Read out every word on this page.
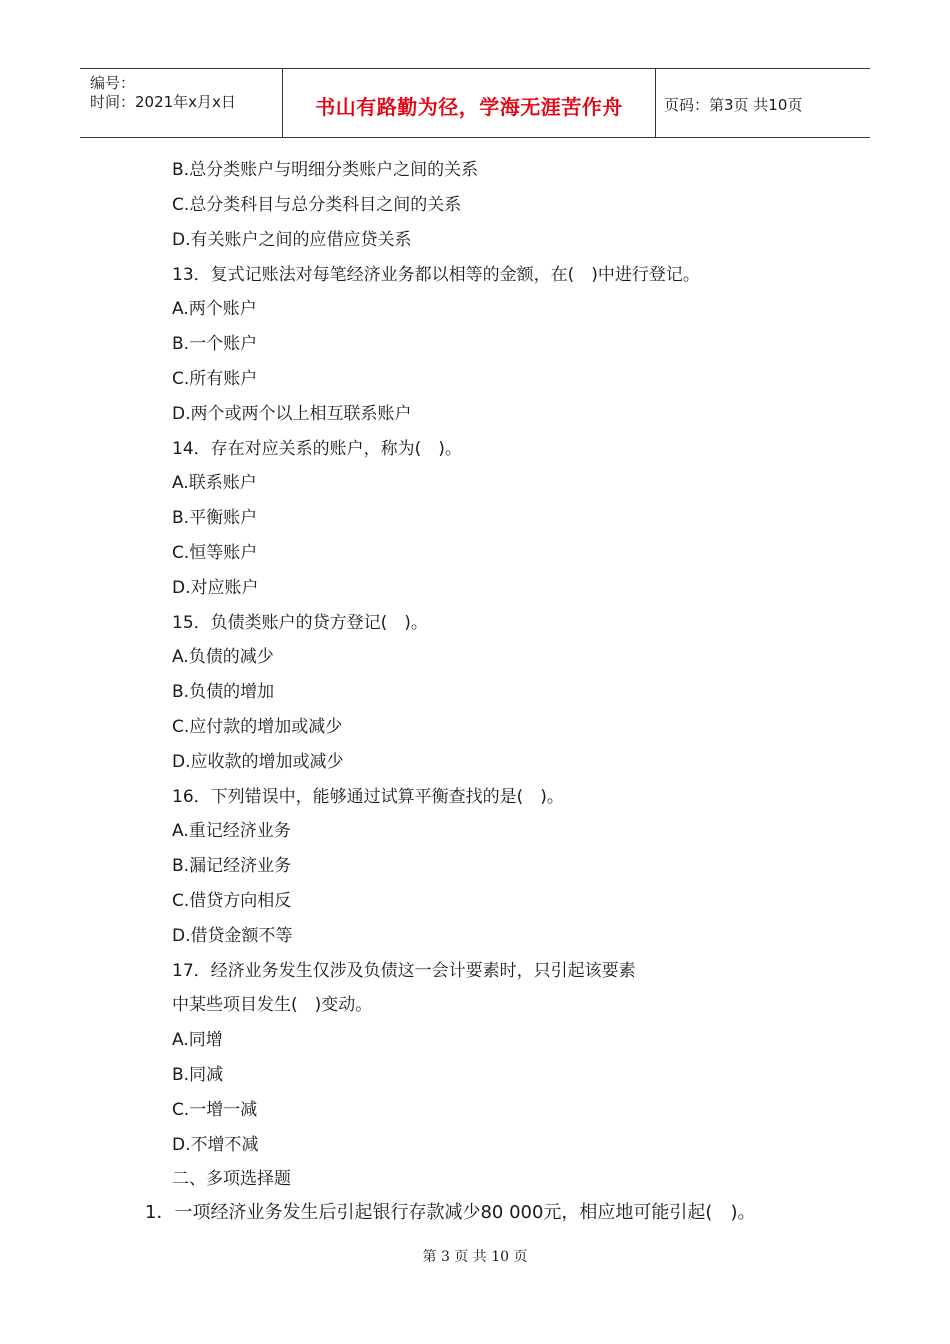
编号：
时间：2021年x月x日	书山有路勤为径，学海无涯苦作舟	页码：第3页 共10页
B.总分类账户与明细分类账户之间的关系
C.总分类科目与总分类科目之间的关系
D.有关账户之间的应借应贷关系
13．复式记账法对每笔经济业务都以相等的金额，在(　)中进行登记。
A.两个账户
B.一个账户
C.所有账户
D.两个或两个以上相互联系账户
14．存在对应关系的账户，称为(　)。
A.联系账户
B.平衡账户
C.恒等账户
D.对应账户
15．负债类账户的贷方登记(　)。
A.负债的减少
B.负债的增加
C.应付款的增加或减少
D.应收款的增加或减少
16．下列错误中，能够通过试算平衡查找的是(　)。
A.重记经济业务
B.漏记经济业务
C.借贷方向相反
D.借贷金额不等
17．经济业务发生仅涉及负债这一会计要素时，只引起该要素
中某些项目发生(　)变动。
A.同增
B.同减
C.一增一减
D.不增不减
二、多项选择题
1．一项经济业务发生后引起银行存款减少80 000元，相应地可能引起(　)。
第 3 页 共 10 页
